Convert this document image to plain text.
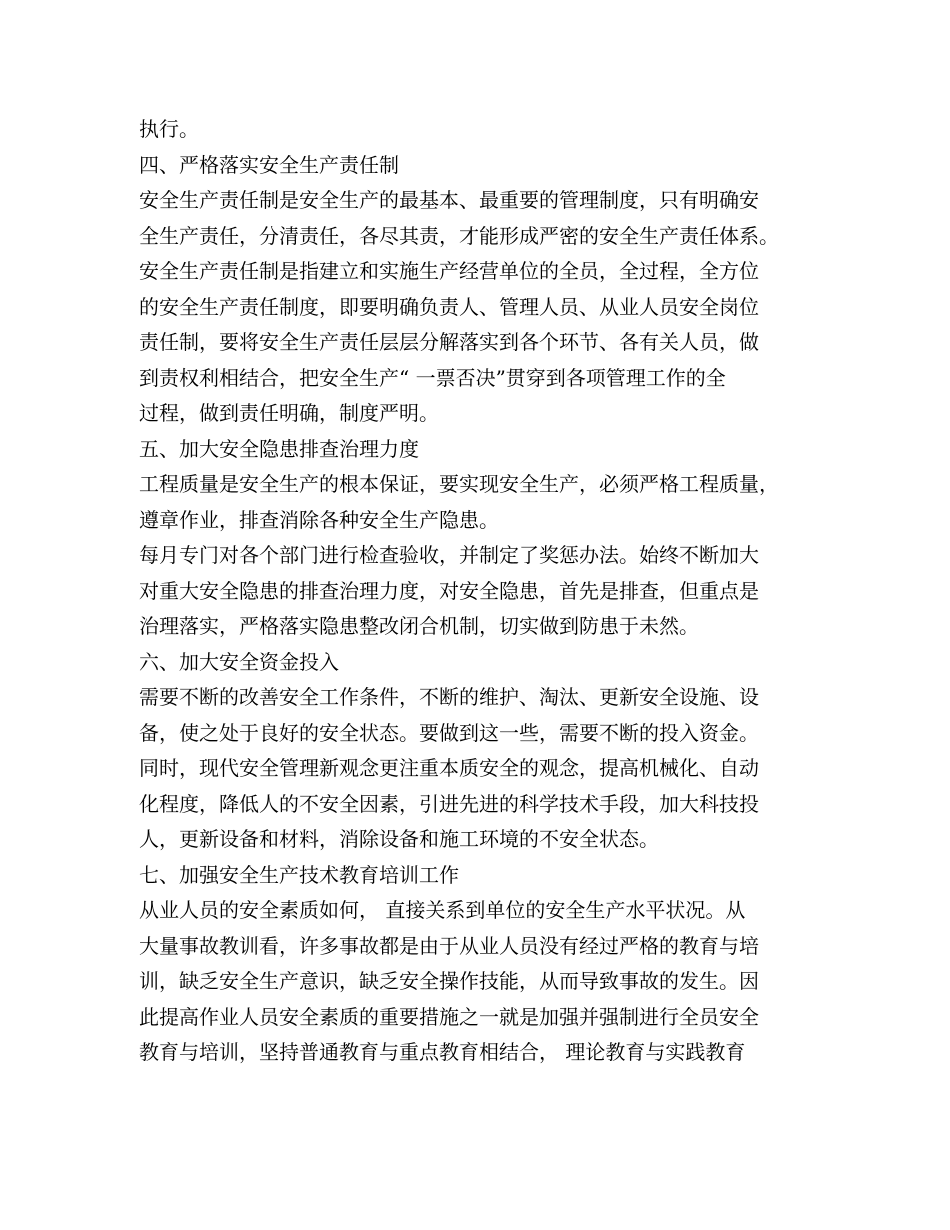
执行。
四、严格落实安全生产责任制
安全生产责任制是安全生产的最基本、最重要的管理制度，只有明确安
全生产责任，分清责任，各尽其责，才能形成严密的安全生产责任体系。
安全生产责任制是指建立和实施生产经营单位的全员，全过程，全方位
的安全生产责任制度，即要明确负责人、管理人员、从业人员安全岗位
责任制，要将安全生产责任层层分解落实到各个环节、各有关人员，做
到责权利相结合，把安全生产“ 一票否决”贯穿到各项管理工作的全
过程，做到责任明确，制度严明。
五、加大安全隐患排查治理力度
工程质量是安全生产的根本保证，要实现安全生产，必须严格工程质量，
遵章作业，排查消除各种安全生产隐患。
每月专门对各个部门进行检查验收，并制定了奖惩办法。始终不断加大
对重大安全隐患的排查治理力度，对安全隐患，首先是排查，但重点是
治理落实，严格落实隐患整改闭合机制，切实做到防患于未然。
六、加大安全资金投入
需要不断的改善安全工作条件，不断的维护、淘汰、更新安全设施、设
备，使之处于良好的安全状态。要做到这一些，需要不断的投入资金。
同时，现代安全管理新观念更注重本质安全的观念，提高机械化、自动
化程度，降低人的不安全因素，引进先进的科学技术手段，加大科技投
人，更新设备和材料，消除设备和施工环境的不安全状态。
七、加强安全生产技术教育培训工作
从业人员的安全素质如何， 直接关系到单位的安全生产水平状况。从
大量事故教训看，许多事故都是由于从业人员没有经过严格的教育与培
训，缺乏安全生产意识，缺乏安全操作技能，从而导致事故的发生。因
此提高作业人员安全素质的重要措施之一就是加强并强制进行全员安全
教育与培训，坚持普通教育与重点教育相结合， 理论教育与实践教育
